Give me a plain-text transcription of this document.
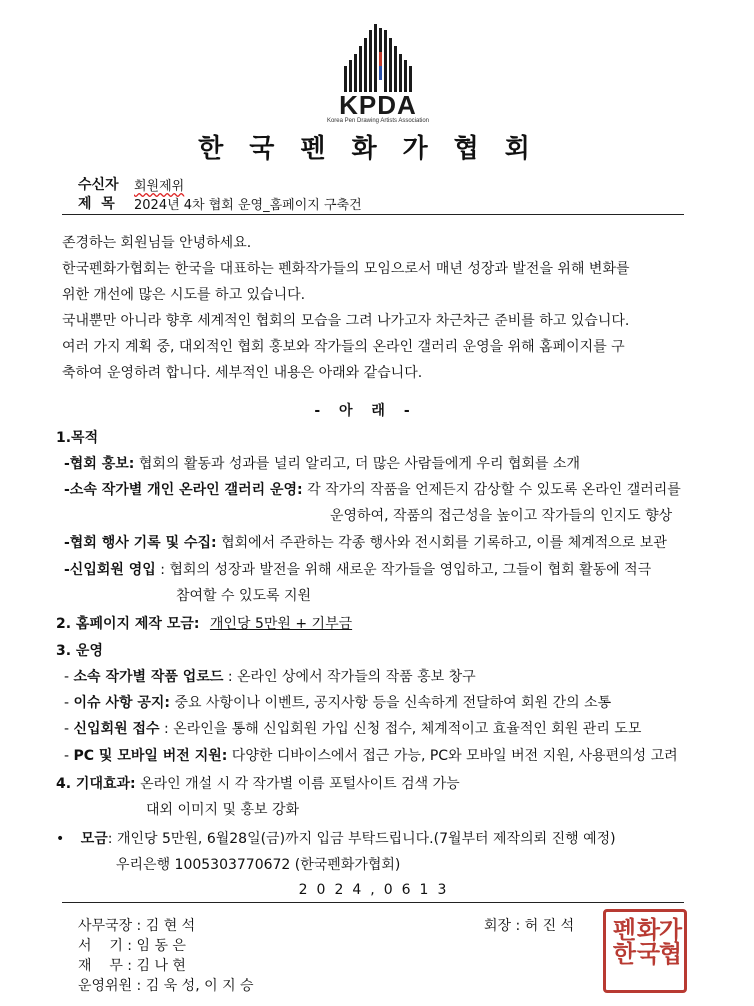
KPDA
Korea Pen Drawing Artists Association
한국펜화가협회
수신자 회원제위
제  목 2024년 4차 협회 운영_홈페이지 구축건
존경하는 회원님들 안녕하세요.
한국펜화가협회는 한국을 대표하는 펜화작가들의 모임으로서 매년 성장과 발전을 위해 변화를
위한 개선에 많은 시도를 하고 있습니다.
국내뿐만 아니라 향후 세계적인 협회의 모습을 그려 나가고자 차근차근 준비를 하고 있습니다.
여러 가지 계획 중, 대외적인 협회 홍보와 작가들의 온라인 갤러리 운영을 위해 홈페이지를 구
축하여 운영하려 합니다. 세부적인 내용은 아래와 같습니다.
- 아 래 -
1.목적
-협회 홍보: 협회의 활동과 성과를 널리 알리고, 더 많은 사람들에게 우리 협회를 소개
-소속 작가별 개인 온라인 갤러리 운영: 각 작가의 작품을 언제든지 감상할 수 있도록 온라인 갤러리를
운영하여, 작품의 접근성을 높이고 작가들의 인지도 향상
-협회 행사 기록 및 수집: 협회에서 주관하는 각종 행사와 전시회를 기록하고, 이를 체계적으로 보관
-신입회원 영입 : 협회의 성장과 발전을 위해 새로운 작가들을 영입하고, 그들이 협회 활동에 적극
참여할 수 있도록 지원
2. 홈페이지 제작 모금: 개인당 5만원 + 기부금
3. 운영
- 소속 작가별 작품 업로드 : 온라인 상에서 작가들의 작품 홍보 창구
- 이슈 사항 공지: 중요 사항이나 이벤트, 공지사항 등을 신속하게 전달하여 회원 간의 소통
- 신입회원 접수 : 온라인을 통해 신입회원 가입 신청 접수, 체계적이고 효율적인 회원 관리 도모
- PC 및 모바일 버전 지원: 다양한 디바이스에서 접근 가능, PC와 모바일 버전 지원, 사용편의성 고려
4. 기대효과: 온라인 개설 시 각 작가별 이름 포털사이트 검색 가능
대외 이미지 및 홍보 강화
• 모금: 개인당 5만원, 6월28일(금)까지 입금 부탁드립니다.(7월부터 제작의뢰 진행 예정)
우리은행 1005303770672 (한국펜화가협회)
2024,0613
사무국장 : 김 현 석
서    기 : 임 동 은
재    무 : 김 나 현
운영위원 : 김 욱 성, 이 지 승
회장 : 허 진 석 펜한
화국
가협
